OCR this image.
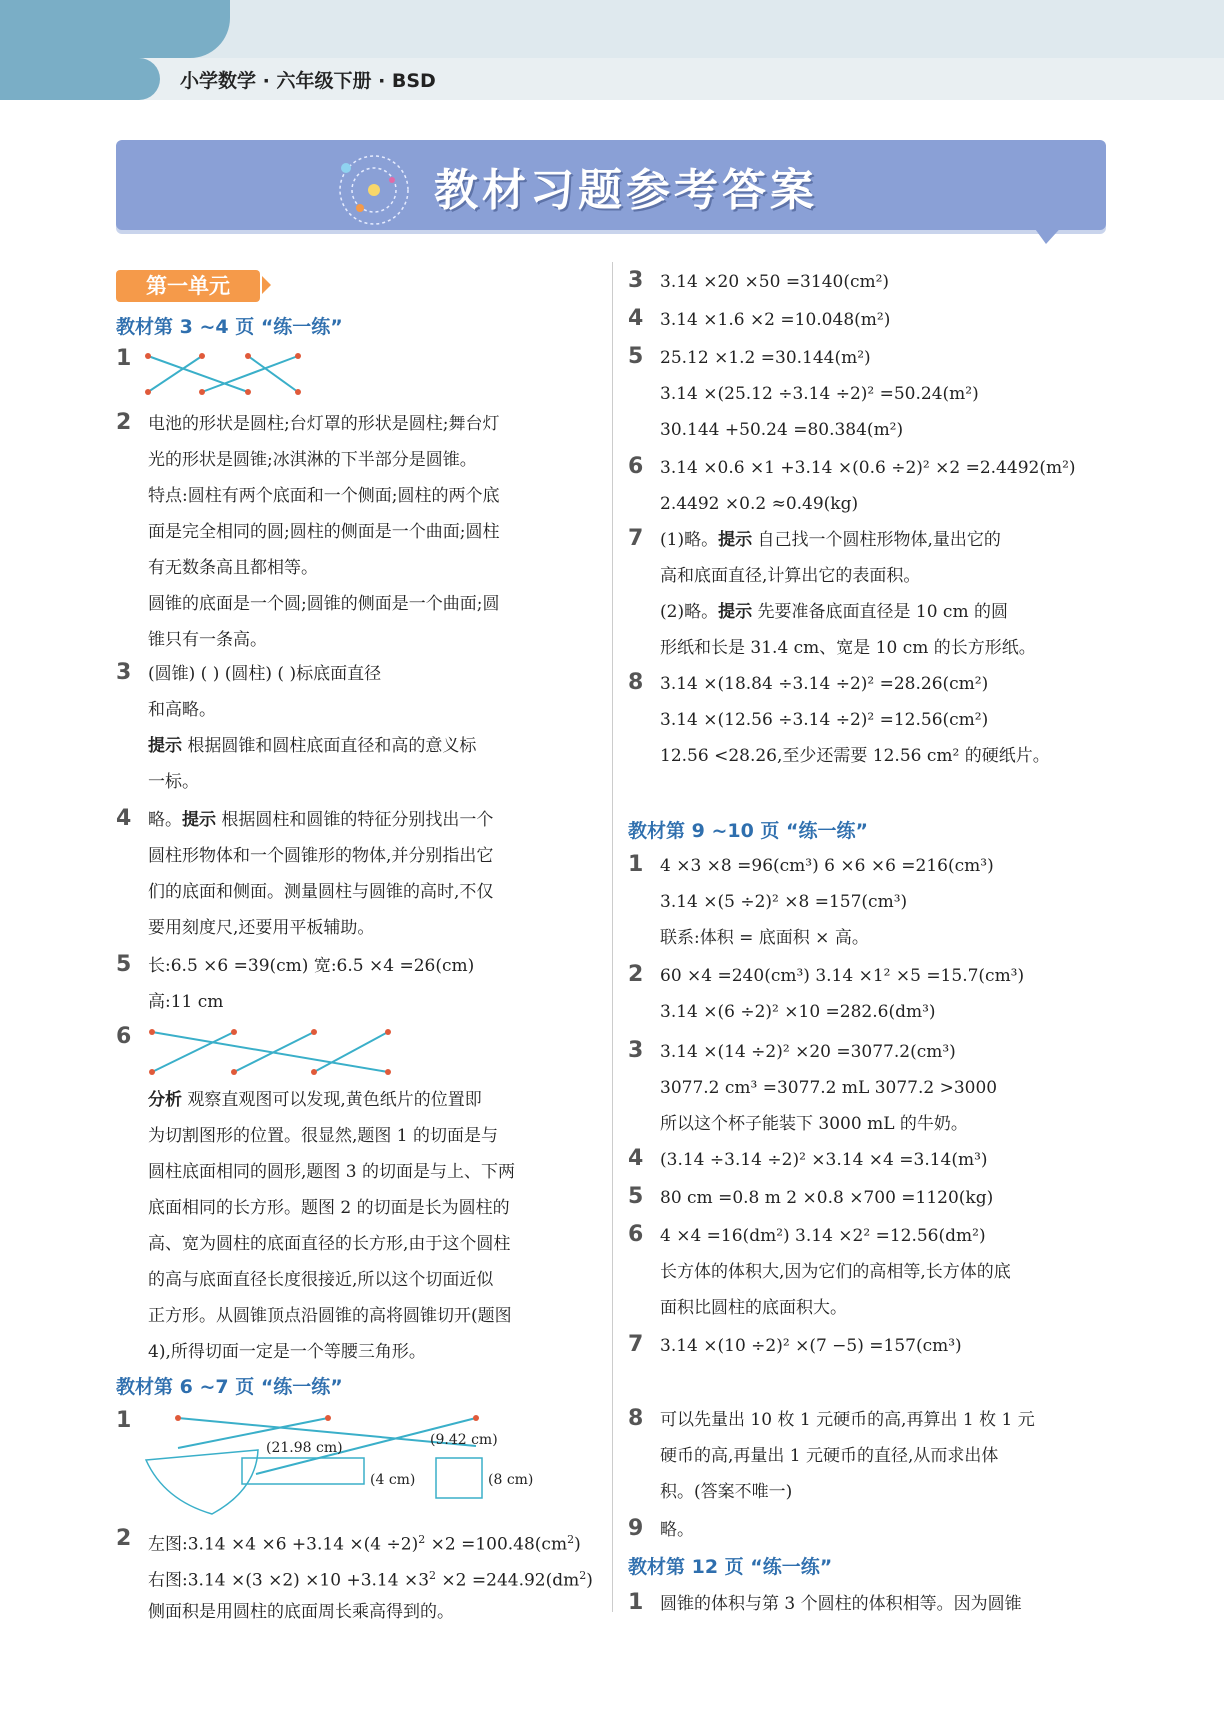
小学数学 · 六年级下册 · BSD
教材习题参考答案
第一单元
教材第 3 ~4 页 “练一练”
1
2 电池的形状是圆柱;台灯罩的形状是圆柱;舞台灯
光的形状是圆锥;冰淇淋的下半部分是圆锥。
特点:圆柱有两个底面和一个侧面;圆柱的两个底
面是完全相同的圆;圆柱的侧面是一个曲面;圆柱
有无数条高且都相等。
圆锥的底面是一个圆;圆锥的侧面是一个曲面;圆
锥只有一条高。
3 (圆锥) ( ) (圆柱) ( )标底面直径
和高略。
提示 根据圆锥和圆柱底面直径和高的意义标
一标。
4 略。提示 根据圆柱和圆锥的特征分别找出一个
圆柱形物体和一个圆锥形的物体,并分别指出它
们的底面和侧面。测量圆柱与圆锥的高时,不仅
要用刻度尺,还要用平板辅助。
5 长:6.5 ×6 =39(cm) 宽:6.5 ×4 =26(cm)
高:11 cm
6
分析 观察直观图可以发现,黄色纸片的位置即
为切割图形的位置。很显然,题图 1 的切面是与
圆柱底面相同的圆形,题图 3 的切面是与上、下两
底面相同的长方形。题图 2 的切面是长为圆柱的
高、宽为圆柱的底面直径的长方形,由于这个圆柱
的高与底面直径长度很接近,所以这个切面近似
正方形。从圆锥顶点沿圆锥的高将圆锥切开(题图
4),所得切面一定是一个等腰三角形。
教材第 6 ~7 页 “练一练”
1
(21.98 cm)	(9.42 cm)
(4 cm)	(8 cm)
2 左图:3.14 $\times 4 \times 6 +3.14 \times(4 \div 2)^2 \times 2 =100.48(cm^2)$
右图:3.14 $\times(3 \times 2) \times 10 +3.14 \times 3^2 \times 2 =244.92(dm^2)$
侧面积是用圆柱的底面周长乘高得到的。
3 3.14 ×20 ×50 =3140(cm²)
4 3.14 ×1.6 ×2 =10.048(m²)
5 25.12 ×1.2 =30.144(m²)
3.14 ×(25.12 ÷3.14 ÷2)² =50.24(m²)
30.144 +50.24 =80.384(m²)
6 3.14 ×0.6 ×1 +3.14 ×(0.6 ÷2)² ×2 =2.4492(m²)
2.4492 ×0.2 ≈0.49(kg)
7 (1)略。提示 自己找一个圆柱形物体,量出它的
高和底面直径,计算出它的表面积。
(2)略。提示 先要准备底面直径是 10 cm 的圆
形纸和长是 31.4 cm、宽是 10 cm 的长方形纸。
8 3.14 ×(18.84 ÷3.14 ÷2)² =28.26(cm²)
3.14 ×(12.56 ÷3.14 ÷2)² =12.56(cm²)
12.56 <28.26,至少还需要 12.56 cm² 的硬纸片。
教材第 9 ~10 页 “练一练”
1 4 ×3 ×8 =96(cm³) 6 ×6 ×6 =216(cm³)
3.14 ×(5 ÷2)² ×8 =157(cm³)
联系:体积 = 底面积 × 高。
2 60 ×4 =240(cm³) 3.14 ×1² ×5 =15.7(cm³)
3.14 ×(6 ÷2)² ×10 =282.6(dm³)
3 3.14 ×(14 ÷2)² ×20 =3077.2(cm³)
3077.2 cm³ =3077.2 mL 3077.2 >3000
所以这个杯子能装下 3000 mL 的牛奶。
4 (3.14 ÷3.14 ÷2)² ×3.14 ×4 =3.14(m³)
5 80 cm =0.8 m 2 ×0.8 ×700 =1120(kg)
6 4 ×4 =16(dm²) 3.14 ×2² =12.56(dm²)
长方体的体积大,因为它们的高相等,长方体的底
面积比圆柱的底面积大。
7 3.14 ×(10 ÷2)² ×(7 −5) =157(cm³)
8 可以先量出 10 枚 1 元硬币的高,再算出 1 枚 1 元
硬币的高,再量出 1 元硬币的直径,从而求出体
积。(答案不唯一)
9 略。
教材第 12 页 “练一练”
1 圆锥的体积与第 3 个圆柱的体积相等。因为圆锥
